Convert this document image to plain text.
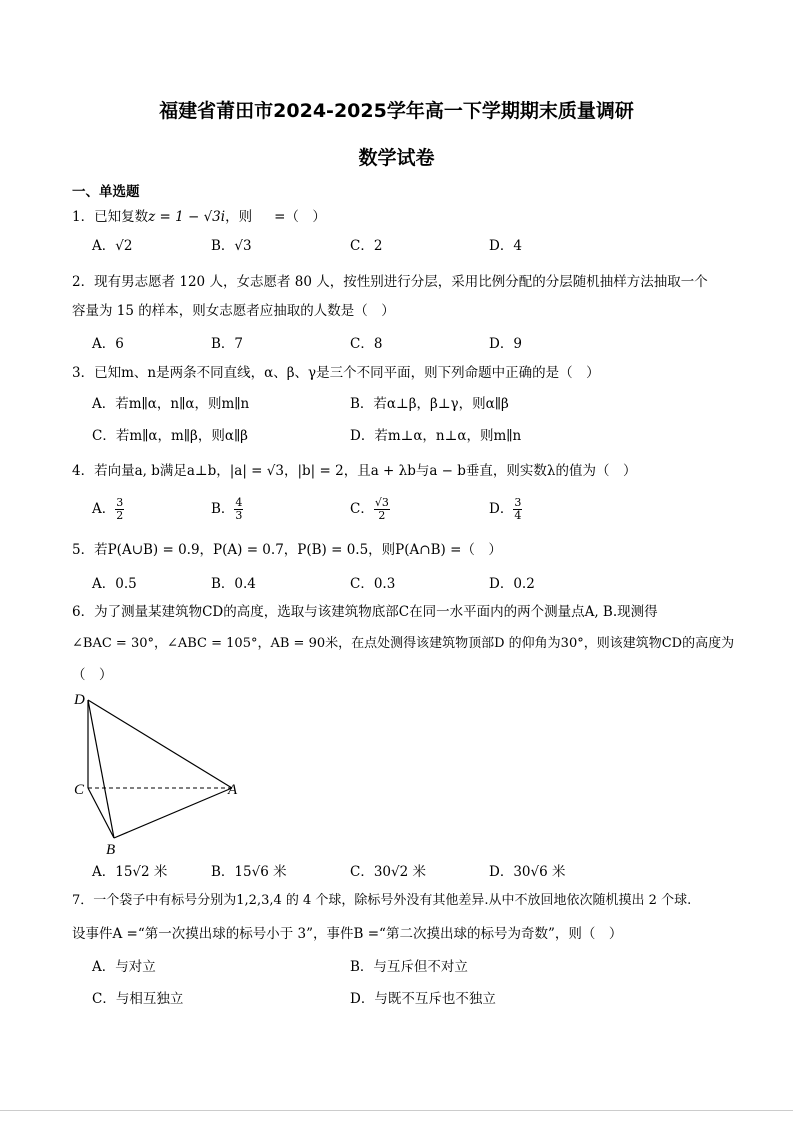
福建省莆田市2024-2025学年高一下学期期末质量调研
数学试卷
一、单选题
1．已知复数z = 1 − √3i，则 =（　）
A．√2	B．√3	C．2	D．4
2．现有男志愿者 120 人，女志愿者 80 人，按性别进行分层，采用比例分配的分层随机抽样方法抽取一个
容量为 15 的样本，则女志愿者应抽取的人数是（　）
A．6	B．7	C．8	D．9
3．已知m、n是两条不同直线，α、β、γ是三个不同平面，则下列命题中正确的是（　）
A．若m∥α，n∥α，则m∥n	B．若α⊥β，β⊥γ，则α∥β
C．若m∥α，m∥β，则α∥β	D．若m⊥α，n⊥α，则m∥n
4．若向量a, b满足a⊥b，|a| = √3，|b| = 2，且a + λb与a − b垂直，则实数λ的值为（　）
A． $\frac{3}{2}$	B． $\frac{4}{3}$	C． $\frac{√3}{2}$	D． $\frac{3}{4}$
5．若P(A∪B) = 0.9，P(A) = 0.7，P(B) = 0.5，则P(A∩B) =（　）
A．0.5	B．0.4	C．0.3	D．0.2
6．为了测量某建筑物CD的高度，选取与该建筑物底部C在同一水平面内的两个测量点A, B.现测得
∠BAC = 30°，∠ABC = 105°，AB = 90米，在点处测得该建筑物顶部D 的仰角为30°，则该建筑物CD的高度为
（　）
D
C	A
B
A．15√2 米	B．15√6 米	C．30√2 米	D．30√6 米
7．一个袋子中有标号分别为1,2,3,4 的 4 个球，除标号外没有其他差异.从中不放回地依次随机摸出 2 个球.
设事件A =“第一次摸出球的标号小于 3”，事件B =“第二次摸出球的标号为奇数”，则（　）
A．与对立	B．与互斥但不对立
C．与相互独立	D．与既不互斥也不独立
